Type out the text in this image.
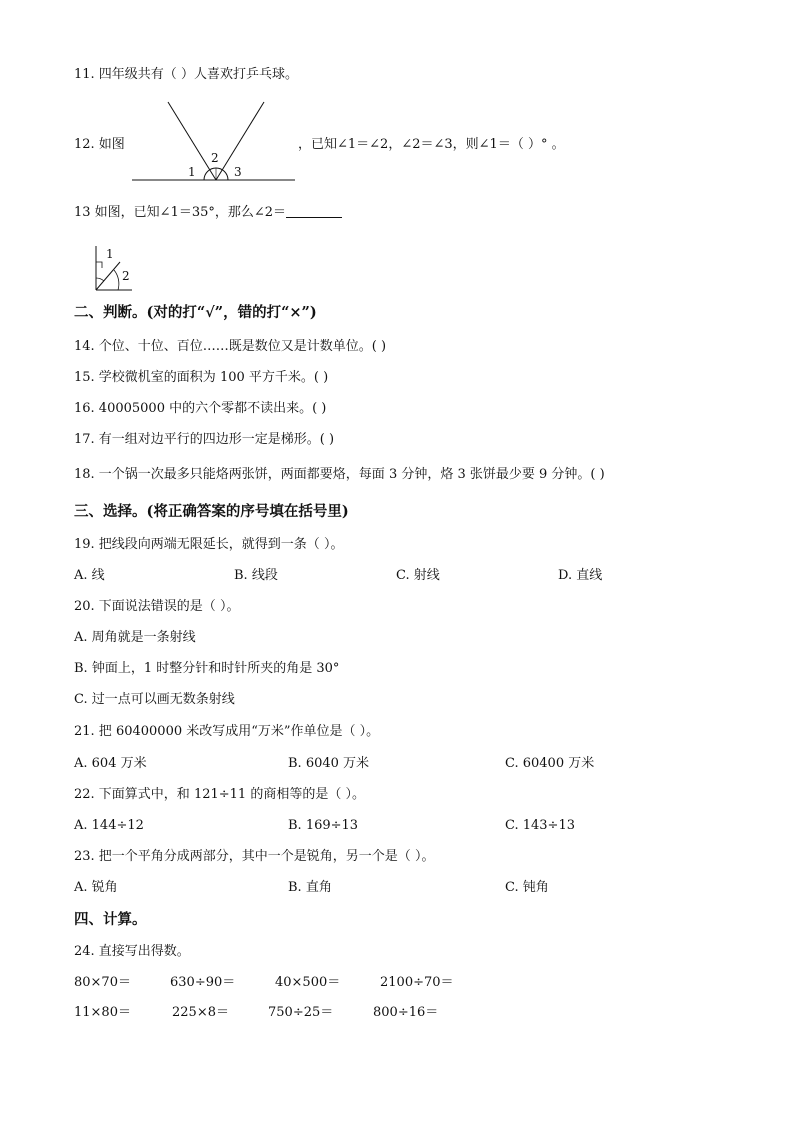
11. 四年级共有（ ）人喜欢打乒乓球。
12. 如图
1
2
3
，已知∠1＝∠2，∠2＝∠3，则∠1＝（ ）° 。
13 如图，已知∠1＝35°，那么∠2＝
1
2
二、判断。(对的打“√”，错的打“×”)
14. 个位、十位、百位……既是数位又是计数单位。( )
15. 学校微机室的面积为 100 平方千米。( )
16. 40005000 中的六个零都不读出来。( )
17. 有一组对边平行的四边形一定是梯形。( )
18. 一个锅一次最多只能烙两张饼，两面都要烙，每面 3 分钟，烙 3 张饼最少要 9 分钟。( )
三、选择。(将正确答案的序号填在括号里)
19. 把线段向两端无限延长，就得到一条（ ）。
A. 线	B. 线段	C. 射线	D. 直线
20. 下面说法错误的是（ ）。
A. 周角就是一条射线
B. 钟面上，1 时整分针和时针所夹的角是 30°
C. 过一点可以画无数条射线
21. 把 60400000 米改写成用“万米”作单位是（ ）。
A. 604 万米	B. 6040 万米	C. 60400 万米
22. 下面算式中，和 121÷11 的商相等的是（ ）。
A. 144÷12	B. 169÷13	C. 143÷13
23. 把一个平角分成两部分，其中一个是锐角，另一个是（ ）。
A. 锐角	B. 直角	C. 钝角
四、计算。
24. 直接写出得数。
80×70＝	630÷90＝	40×500＝	2100÷70＝
11×80＝	225×8＝	750÷25＝	800÷16＝
